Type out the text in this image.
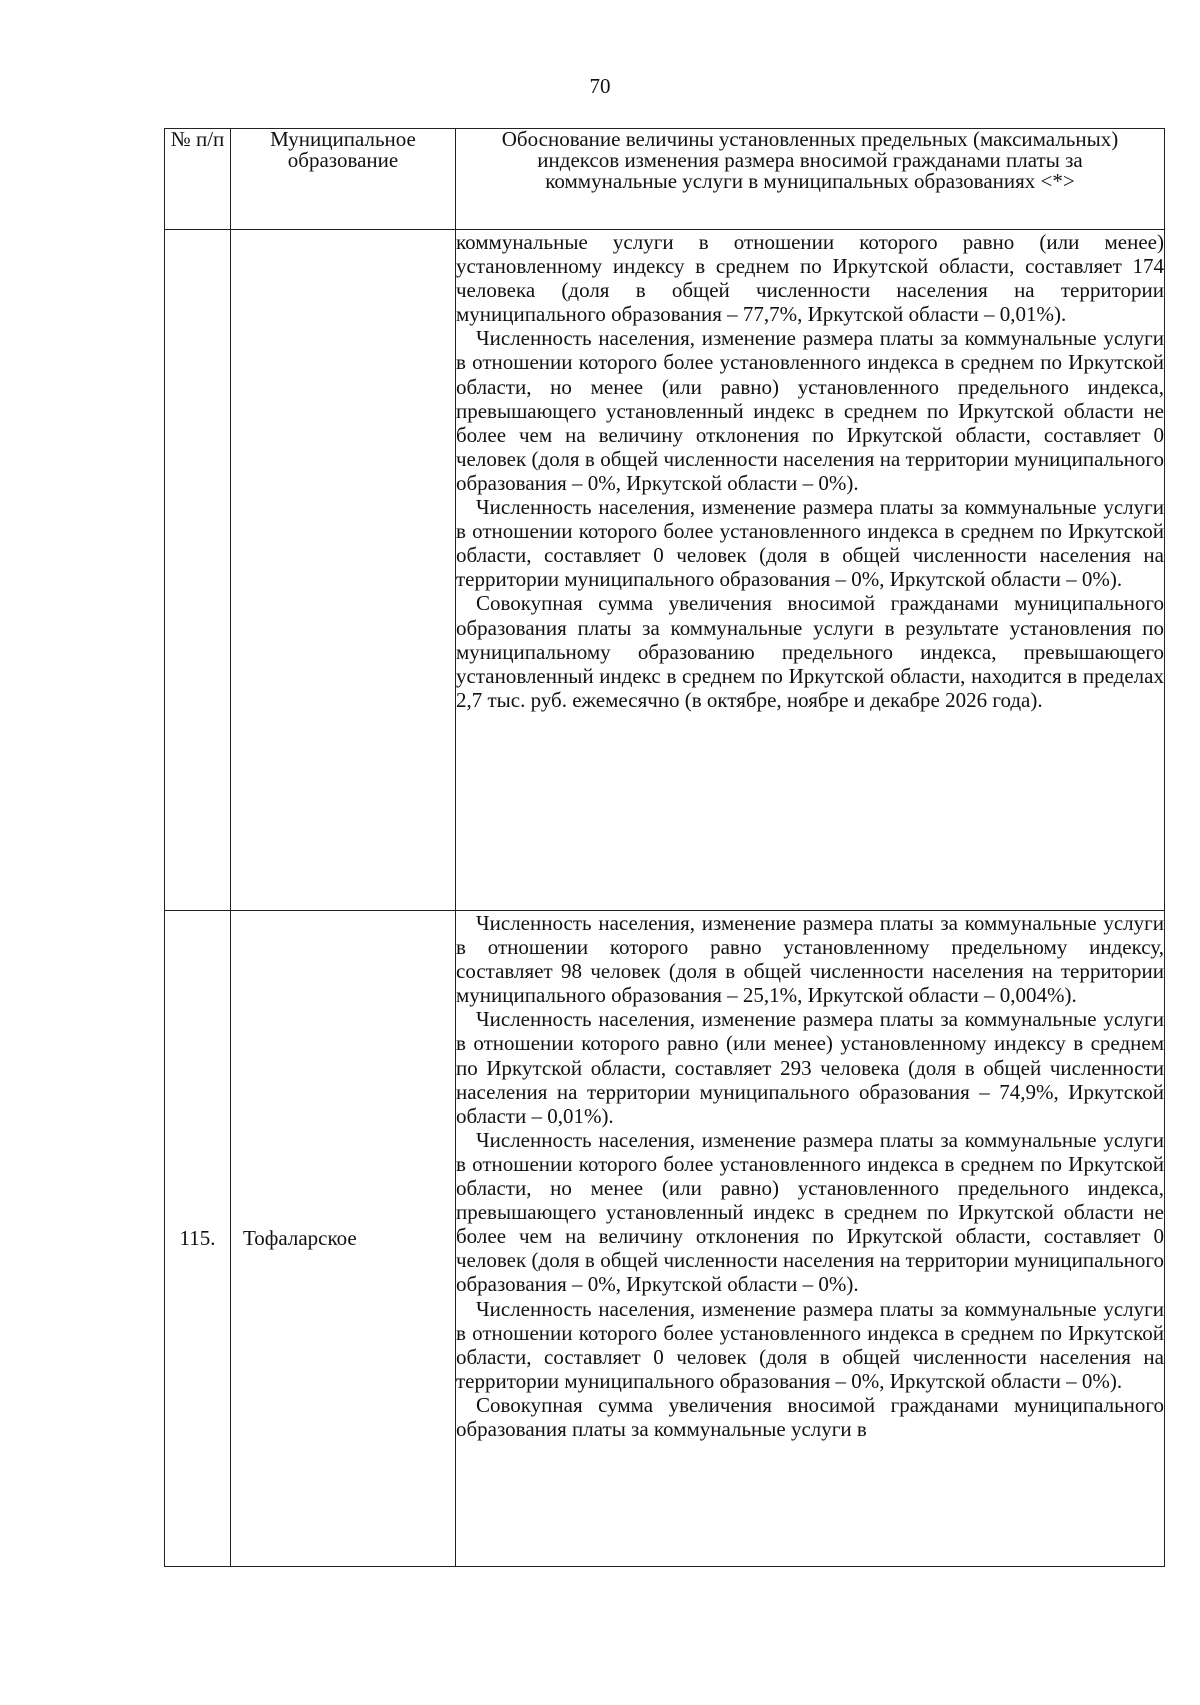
70
№ п/п	Муниципальное образование	Обоснование величины установленных предельных (максимальных) индексов изменения размера вносимой гражданами платы за коммунальные услуги в муниципальных образованиях <*>

		коммунальные услуги в отношении которого равно (или менее) установленному индексу в среднем по Иркутской области, составляет 174 человека (доля в общей численности населения на территории муниципального образования – 77,7%, Иркутской области – 0,01%).

Численность населения, изменение размера платы за коммунальные услуги в отношении которого более установленного индекса в среднем по Иркутской области, но менее (или равно) установленного предельного индекса, превышающего установленный индекс в среднем по Иркутской области не более чем на величину отклонения по Иркутской области, составляет 0 человек (доля в общей численности населения на территории муниципального образования – 0%, Иркутской области – 0%).

Численность населения, изменение размера платы за коммунальные услуги в отношении которого более установленного индекса в среднем по Иркутской области, составляет 0 человек (доля в общей численности населения на территории муниципального образования – 0%, Иркутской области – 0%).

Совокупная сумма увеличения вносимой гражданами муниципального образования платы за коммунальные услуги в результате установления по муниципальному образованию предельного индекса, превышающего установленный индекс в среднем по Иркутской области, находится в пределах 2,7 тыс. руб. ежемесячно (в октябре, ноябре и декабре 2026 года).

115.	Тофаларское	Численность населения, изменение размера платы за коммунальные услуги в отношении которого равно установленному предельному индексу, составляет 98 человек (доля в общей численности населения на территории муниципального образования – 25,1%, Иркутской области – 0,004%).

Численность населения, изменение размера платы за коммунальные услуги в отношении которого равно (или менее) установленному индексу в среднем по Иркутской области, составляет 293 человека (доля в общей численности населения на территории муниципального образования – 74,9%, Иркутской области – 0,01%).

Численность населения, изменение размера платы за коммунальные услуги в отношении которого более установленного индекса в среднем по Иркутской области, но менее (или равно) установленного предельного индекса, превышающего установленный индекс в среднем по Иркутской области не более чем на величину отклонения по Иркутской области, составляет 0 человек (доля в общей численности населения на территории муниципального образования – 0%, Иркутской области – 0%).

Численность населения, изменение размера платы за коммунальные услуги в отношении которого более установленного индекса в среднем по Иркутской области, составляет 0 человек (доля в общей численности населения на территории муниципального образования – 0%, Иркутской области – 0%).

Совокупная сумма увеличения вносимой гражданами муниципального образования платы за коммунальные услуги в
